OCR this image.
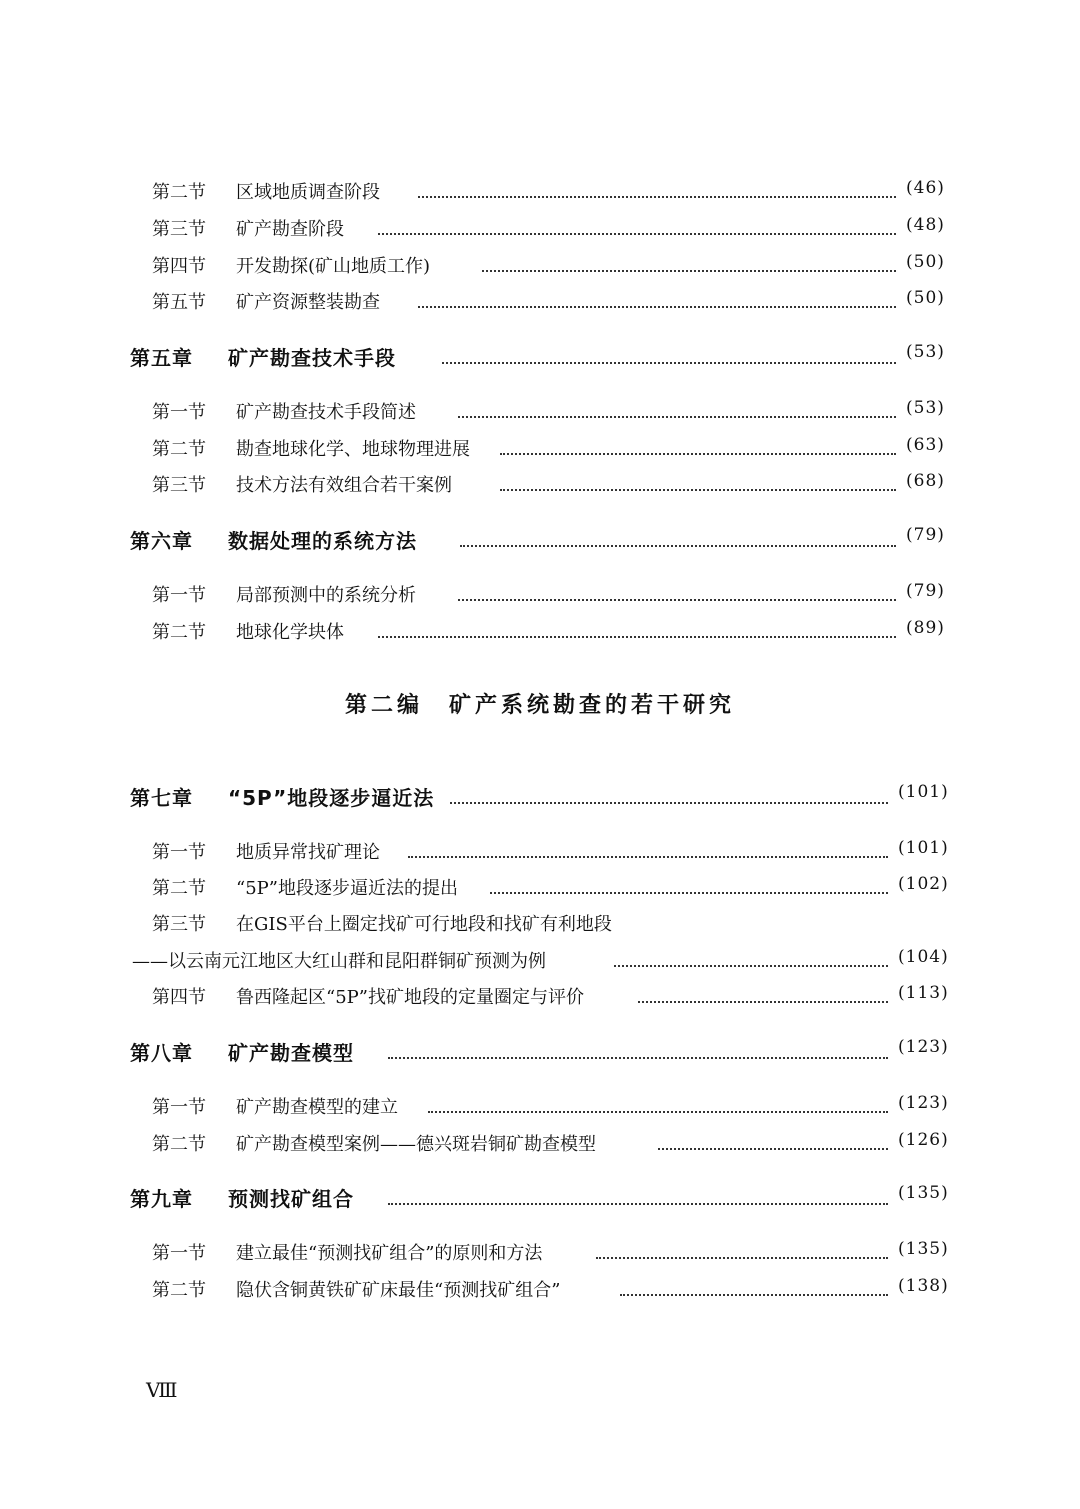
第二节 区域地质调查阶段	(46)
第三节 矿产勘查阶段	(48)
第四节 开发勘探(矿山地质工作)	(50)
第五节 矿产资源整装勘查	(50)
第五章 矿产勘查技术手段	(53)
第一节 矿产勘查技术手段简述	(53)
第二节 勘查地球化学、地球物理进展	(63)
第三节 技术方法有效组合若干案例	(68)
第六章 数据处理的系统方法	(79)
第一节 局部预测中的系统分析	(79)
第二节 地球化学块体	(89)
第二编　矿产系统勘查的若干研究
第七章 “5P”地段逐步逼近法	(101)
第一节 地质异常找矿理论	(101)
第二节 “5P”地段逐步逼近法的提出	(102)
第三节 在GIS平台上圈定找矿可行地段和找矿有利地段
——以云南元江地区大红山群和昆阳群铜矿预测为例	(104)
第四节 鲁西隆起区“5P”找矿地段的定量圈定与评价	(113)
第八章 矿产勘查模型	(123)
第一节 矿产勘查模型的建立	(123)
第二节 矿产勘查模型案例——德兴斑岩铜矿勘查模型	(126)
第九章 预测找矿组合	(135)
第一节 建立最佳“预测找矿组合”的原则和方法	(135)
第二节 隐伏含铜黄铁矿矿床最佳“预测找矿组合”	(138)
Ⅷ
